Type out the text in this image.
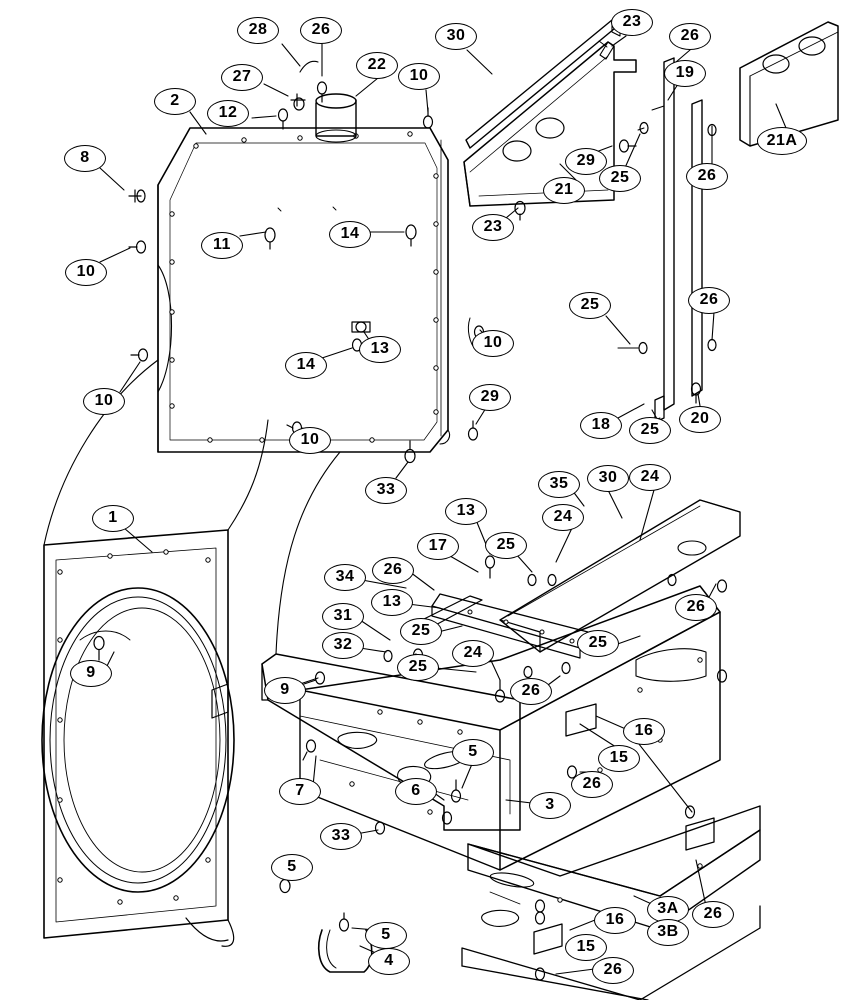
28	26	30
23
26
27
22
10	19
2
12
21A
8	29
25
21
26
10
11
14	23
25	26
10
13
14
10	29
18	25
20
10
33	35	30	24
1	13	24
17	25
34	26
13	26
31
25
25
32	24
9	25
26
9
16
7
15
5
26
6
3
5
33
3A	26
3B
5
16
15
4
26
